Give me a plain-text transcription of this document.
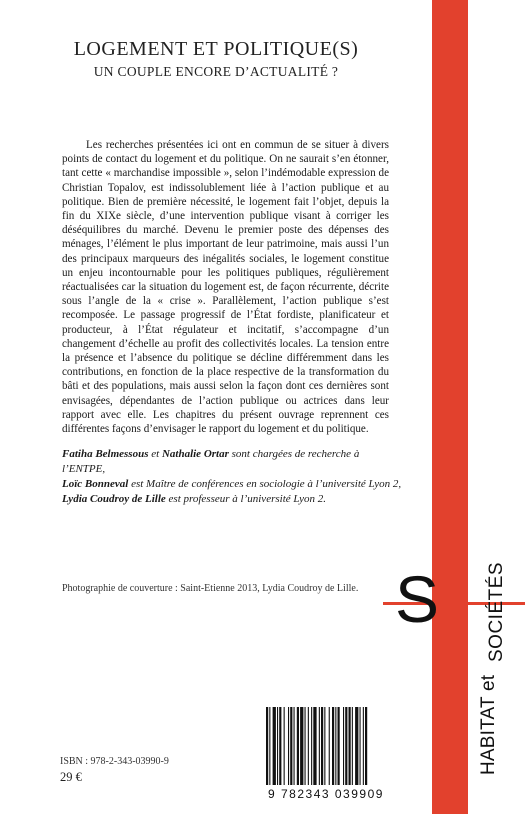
LOGEMENT ET POLITIQUE(S)
UN COUPLE ENCORE D’ACTUALITÉ ?

Les recherches présentées ici ont en commun de se situer à divers points de contact du logement et du politique. On ne saurait s’en étonner, tant cette « marchandise impossible », selon l’indémodable expression de Christian Topalov, est indissolublement liée à l’action publique et au politique. Bien de première nécessité, le logement fait l’objet, depuis la fin du XIXe siècle, d’une intervention publique visant à corriger les déséquilibres du marché. Devenu le premier poste des dépenses des ménages, l’élément le plus important de leur patrimoine, mais aussi l’un des principaux marqueurs des inégalités sociales, le logement constitue un enjeu incontournable pour les politiques publiques, régulièrement réactualisées car la situation du logement est, de façon récurrente, décrite sous l’angle de la « crise ». Parallèlement, l’action publique s’est recomposée. Le passage progressif de l’État fordiste, planificateur et producteur, à l’État régulateur et incitatif, s’accompagne d’un changement d’échelle au profit des collectivités locales. La tension entre la présence et l’absence du politique se décline différemment dans les contributions, en fonction de la place respective de la transformation du bâti et des populations, mais aussi selon la façon dont ces dernières sont envisagées, dépendantes de l’action publique ou actrices dans leur rapport avec elle. Les chapitres du présent ouvrage reprennent ces différentes façons d’envisager le rapport du logement et du politique.

Fatiha Belmessous et Nathalie Ortar sont chargées de recherche à l’ENTPE,
Loïc Bonneval est Maître de conférences en sociologie à l’université Lyon 2,
Lydia Coudroy de Lille est professeur à l’université Lyon 2.
Photographie de couverture : Saint-Etienne 2013, Lydia Coudroy de Lille.
ISBN : 978-2-343-03990-9
29 €
9 782343 039909
S SOCIÉTÉS
HABITAT et
